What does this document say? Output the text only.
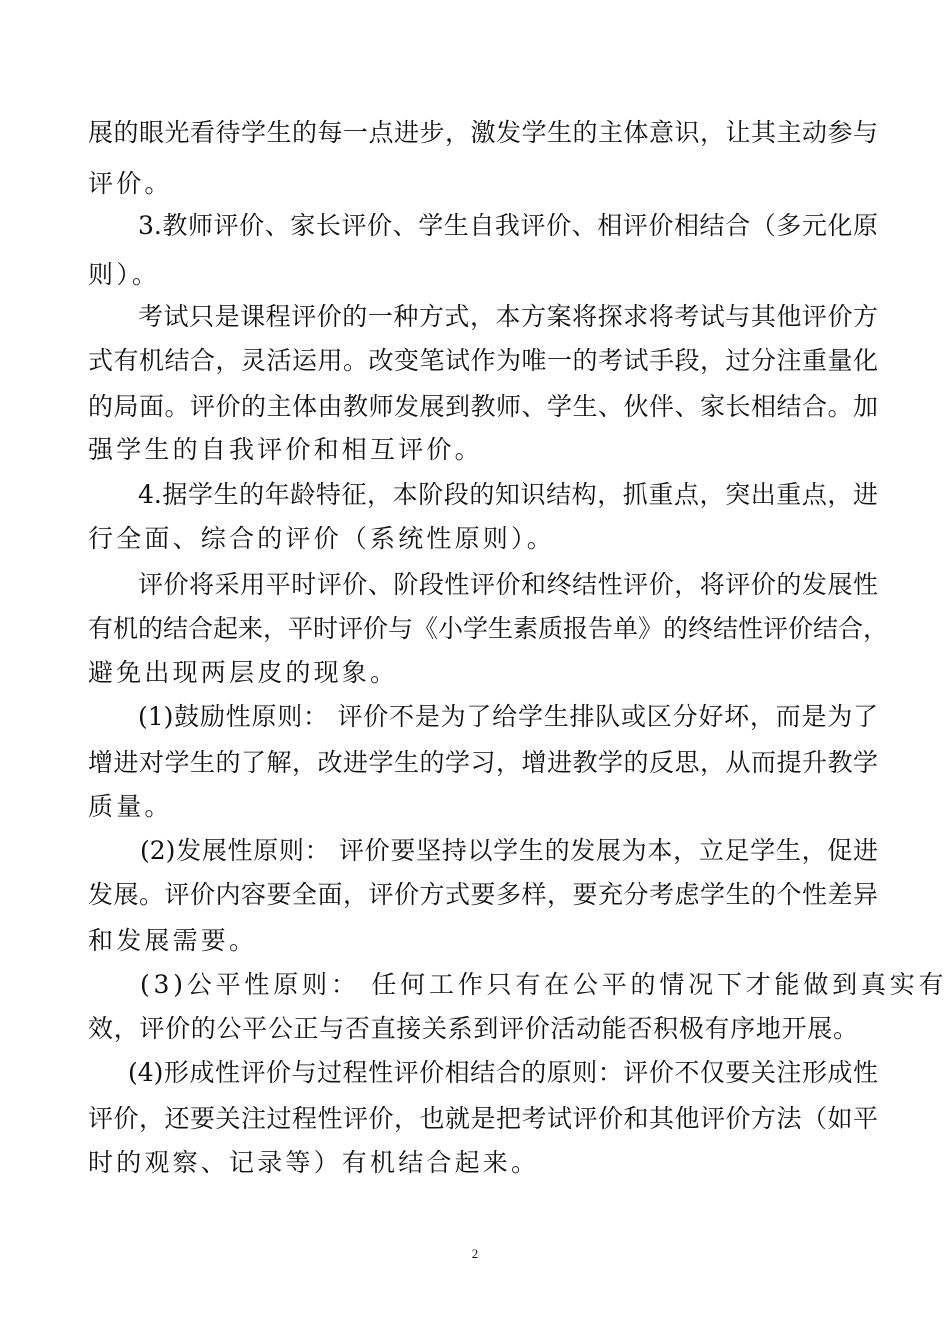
展的眼光看待学生的每一点进步，激发学生的主体意识，让其主动参与
评价。
3.教师评价、家长评价、学生自我评价、相评价相结合（多元化原
则）。
考试只是课程评价的一种方式，本方案将探求将考试与其他评价方
式有机结合，灵活运用。改变笔试作为唯一的考试手段，过分注重量化
的局面。评价的主体由教师发展到教师、学生、伙伴、家长相结合。加
强学生的自我评价和相互评价。
4.据学生的年龄特征，本阶段的知识结构，抓重点，突出重点，进
行全面、综合的评价（系统性原则）。
评价将采用平时评价、阶段性评价和终结性评价，将评价的发展性
有机的结合起来，平时评价与《小学生素质报告单》的终结性评价结合，
避免出现两层皮的现象。
(1)鼓励性原则： 评价不是为了给学生排队或区分好坏，而是为了
增进对学生的了解，改进学生的学习，增进教学的反思，从而提升教学
质量。
(2)发展性原则： 评价要坚持以学生的发展为本，立足学生，促进
发展。评价内容要全面，评价方式要多样，要充分考虑学生的个性差异
和发展需要。
(3)公平性原则： 任何工作只有在公平的情况下才能做到真实有
效，评价的公平公正与否直接关系到评价活动能否积极有序地开展。
(4)形成性评价与过程性评价相结合的原则：评价不仅要关注形成性
评价，还要关注过程性评价，也就是把考试评价和其他评价方法（如平
时的观察、记录等）有机结合起来。
2
